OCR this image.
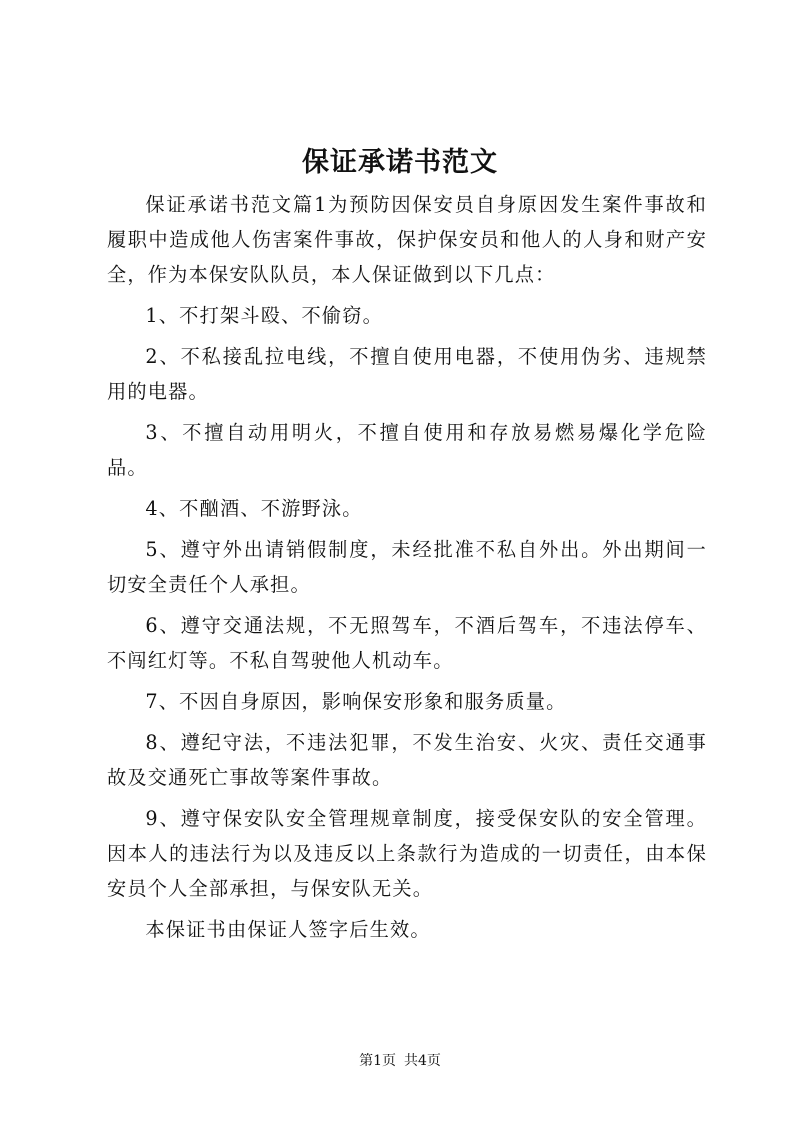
保证承诺书范文

保证承诺书范文篇1为预防因保安员自身原因发生案件事故和履职中造成他人伤害案件事故，保护保安员和他人的人身和财产安全，作为本保安队队员，本人保证做到以下几点：

1、不打架斗殴、不偷窃。

2、不私接乱拉电线，不擅自使用电器，不使用伪劣、违规禁用的电器。

3、不擅自动用明火，不擅自使用和存放易燃易爆化学危险品。

4、不酗酒、不游野泳。

5、遵守外出请销假制度，未经批准不私自外出。外出期间一切安全责任个人承担。

6、遵守交通法规，不无照驾车，不酒后驾车，不违法停车、不闯红灯等。不私自驾驶他人机动车。

7、不因自身原因，影响保安形象和服务质量。

8、遵纪守法，不违法犯罪，不发生治安、火灾、责任交通事故及交通死亡事故等案件事故。

9、遵守保安队安全管理规章制度，接受保安队的安全管理。因本人的违法行为以及违反以上条款行为造成的一切责任，由本保安员个人全部承担，与保安队无关。

本保证书由保证人签字后生效。

第1页 共4页
